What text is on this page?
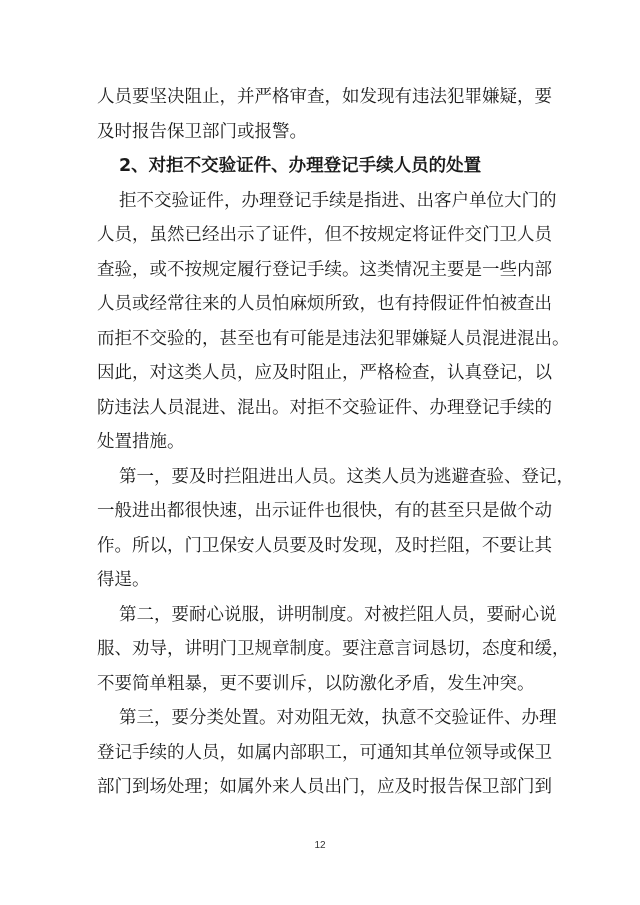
人员要坚决阻止，并严格审查，如发现有违法犯罪嫌疑，要
及时报告保卫部门或报警。
2、对拒不交验证件、办理登记手续人员的处置
拒不交验证件，办理登记手续是指进、出客户单位大门的
人员，虽然已经出示了证件，但不按规定将证件交门卫人员
查验，或不按规定履行登记手续。这类情况主要是一些内部
人员或经常往来的人员怕麻烦所致，也有持假证件怕被查出
而拒不交验的，甚至也有可能是违法犯罪嫌疑人员混进混出。
因此，对这类人员，应及时阻止，严格检查，认真登记，以
防违法人员混进、混出。对拒不交验证件、办理登记手续的
处置措施。
第一，要及时拦阻进出人员。这类人员为逃避查验、登记，
一般进出都很快速，出示证件也很快，有的甚至只是做个动
作。所以，门卫保安人员要及时发现，及时拦阻，不要让其
得逞。
第二，要耐心说服，讲明制度。对被拦阻人员，要耐心说
服、劝导，讲明门卫规章制度。要注意言词恳切，态度和缓，
不要简单粗暴，更不要训斥，以防激化矛盾，发生冲突。
第三，要分类处置。对劝阻无效，执意不交验证件、办理
登记手续的人员，如属内部职工，可通知其单位领导或保卫
部门到场处理；如属外来人员出门，应及时报告保卫部门到
12
